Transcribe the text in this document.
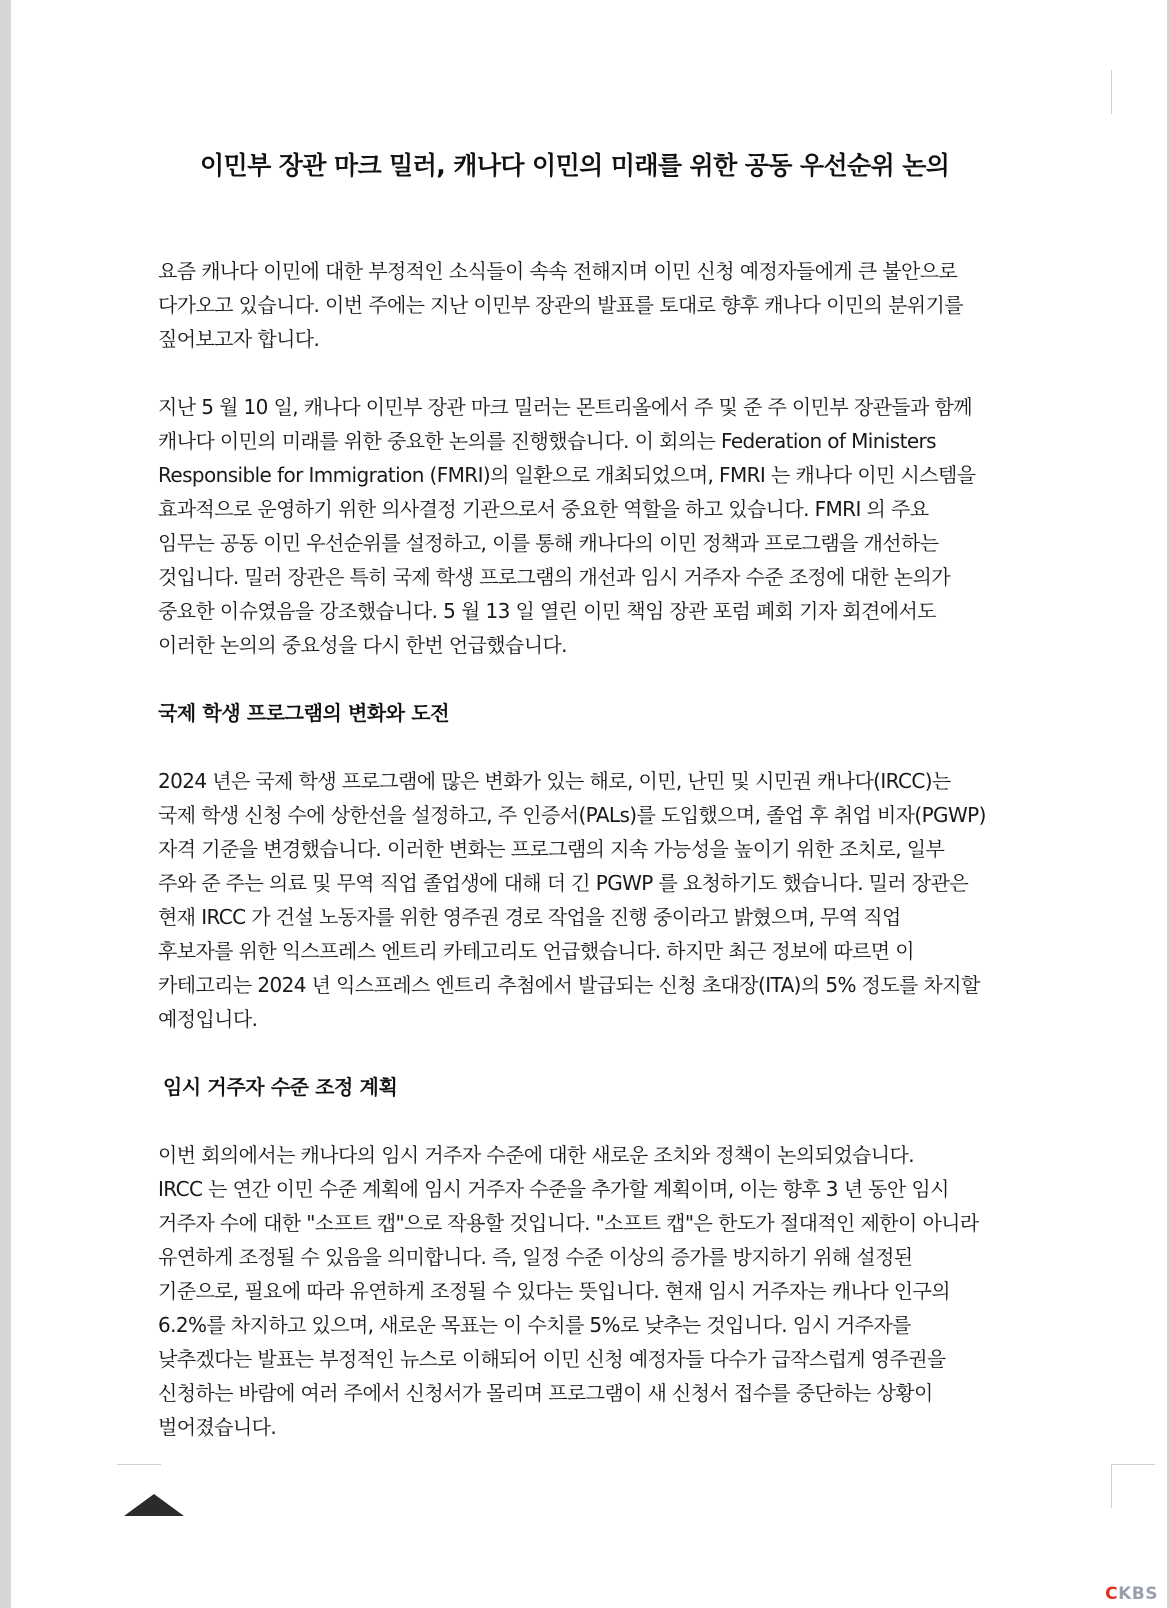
이민부 장관 마크 밀러, 캐나다 이민의 미래를 위한 공동 우선순위 논의

요즘 캐나다 이민에 대한 부정적인 소식들이 속속 전해지며 이민 신청 예정자들에게 큰 불안으로
다가오고 있습니다. 이번 주에는 지난 이민부 장관의 발표를 토대로 향후 캐나다 이민의 분위기를
짚어보고자 합니다.

지난 5 월 10 일, 캐나다 이민부 장관 마크 밀러는 몬트리올에서 주 및 준 주 이민부 장관들과 함께
캐나다 이민의 미래를 위한 중요한 논의를 진행했습니다. 이 회의는 Federation of Ministers
Responsible for Immigration (FMRI)의 일환으로 개최되었으며, FMRI 는 캐나다 이민 시스템을
효과적으로 운영하기 위한 의사결정 기관으로서 중요한 역할을 하고 있습니다. FMRI 의 주요
임무는 공동 이민 우선순위를 설정하고, 이를 통해 캐나다의 이민 정책과 프로그램을 개선하는
것입니다. 밀러 장관은 특히 국제 학생 프로그램의 개선과 임시 거주자 수준 조정에 대한 논의가
중요한 이슈였음을 강조했습니다. 5 월 13 일 열린 이민 책임 장관 포럼 폐회 기자 회견에서도
이러한 논의의 중요성을 다시 한번 언급했습니다.

국제 학생 프로그램의 변화와 도전

2024 년은 국제 학생 프로그램에 많은 변화가 있는 해로, 이민, 난민 및 시민권 캐나다(IRCC)는
국제 학생 신청 수에 상한선을 설정하고, 주 인증서(PALs)를 도입했으며, 졸업 후 취업 비자(PGWP)
자격 기준을 변경했습니다. 이러한 변화는 프로그램의 지속 가능성을 높이기 위한 조치로, 일부
주와 준 주는 의료 및 무역 직업 졸업생에 대해 더 긴 PGWP 를 요청하기도 했습니다. 밀러 장관은
현재 IRCC 가 건설 노동자를 위한 영주권 경로 작업을 진행 중이라고 밝혔으며, 무역 직업
후보자를 위한 익스프레스 엔트리 카테고리도 언급했습니다. 하지만 최근 정보에 따르면 이
카테고리는 2024 년 익스프레스 엔트리 추첨에서 발급되는 신청 초대장(ITA)의 5% 정도를 차지할
예정입니다.

임시 거주자 수준 조정 계획

이번 회의에서는 캐나다의 임시 거주자 수준에 대한 새로운 조치와 정책이 논의되었습니다.
IRCC 는 연간 이민 수준 계획에 임시 거주자 수준을 추가할 계획이며, 이는 향후 3 년 동안 임시
거주자 수에 대한 "소프트 캡"으로 작용할 것입니다. "소프트 캡"은 한도가 절대적인 제한이 아니라
유연하게 조정될 수 있음을 의미합니다. 즉, 일정 수준 이상의 증가를 방지하기 위해 설정된
기준으로, 필요에 따라 유연하게 조정될 수 있다는 뜻입니다. 현재 임시 거주자는 캐나다 인구의
6.2%를 차지하고 있으며, 새로운 목표는 이 수치를 5%로 낮추는 것입니다. 임시 거주자를
낮추겠다는 발표는 부정적인 뉴스로 이해되어 이민 신청 예정자들 다수가 급작스럽게 영주권을
신청하는 바람에 여러 주에서 신청서가 몰리며 프로그램이 새 신청서 접수를 중단하는 상황이
벌어졌습니다.

CKBS
